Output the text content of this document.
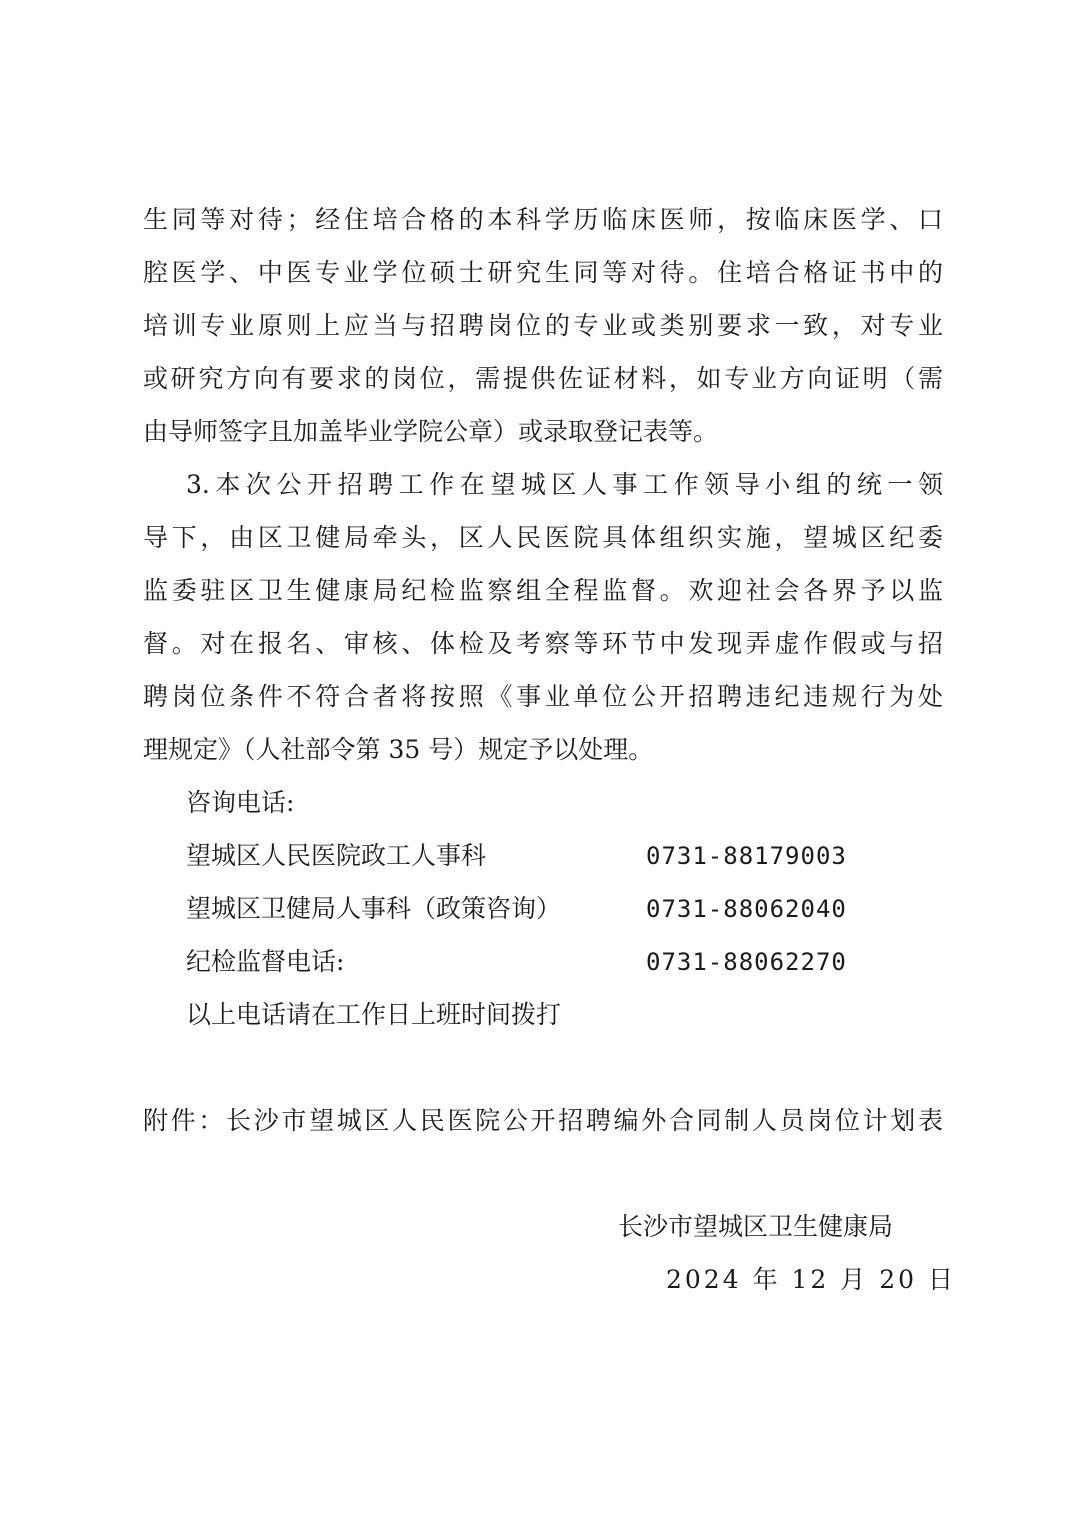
生同等对待；经住培合格的本科学历临床医师，按临床医学、口
腔医学、中医专业学位硕士研究生同等对待。住培合格证书中的
培训专业原则上应当与招聘岗位的专业或类别要求一致，对专业
或研究方向有要求的岗位，需提供佐证材料，如专业方向证明（需
由导师签字且加盖毕业学院公章）或录取登记表等。
3.本次公开招聘工作在望城区人事工作领导小组的统一领
导下，由区卫健局牵头，区人民医院具体组织实施，望城区纪委
监委驻区卫生健康局纪检监察组全程监督。欢迎社会各界予以监
督。对在报名、审核、体检及考察等环节中发现弄虚作假或与招
聘岗位条件不符合者将按照《事业单位公开招聘违纪违规行为处
理规定》（人社部令第 35 号）规定予以处理。
咨询电话:
望城区人民医院政工人事科	0731-88179003
望城区卫健局人事科（政策咨询）	0731-88062040
纪检监督电话:	0731-88062270
以上电话请在工作日上班时间拨打
附件：长沙市望城区人民医院公开招聘编外合同制人员岗位计划表
长沙市望城区卫生健康局
2024 年 12 月 20 日
